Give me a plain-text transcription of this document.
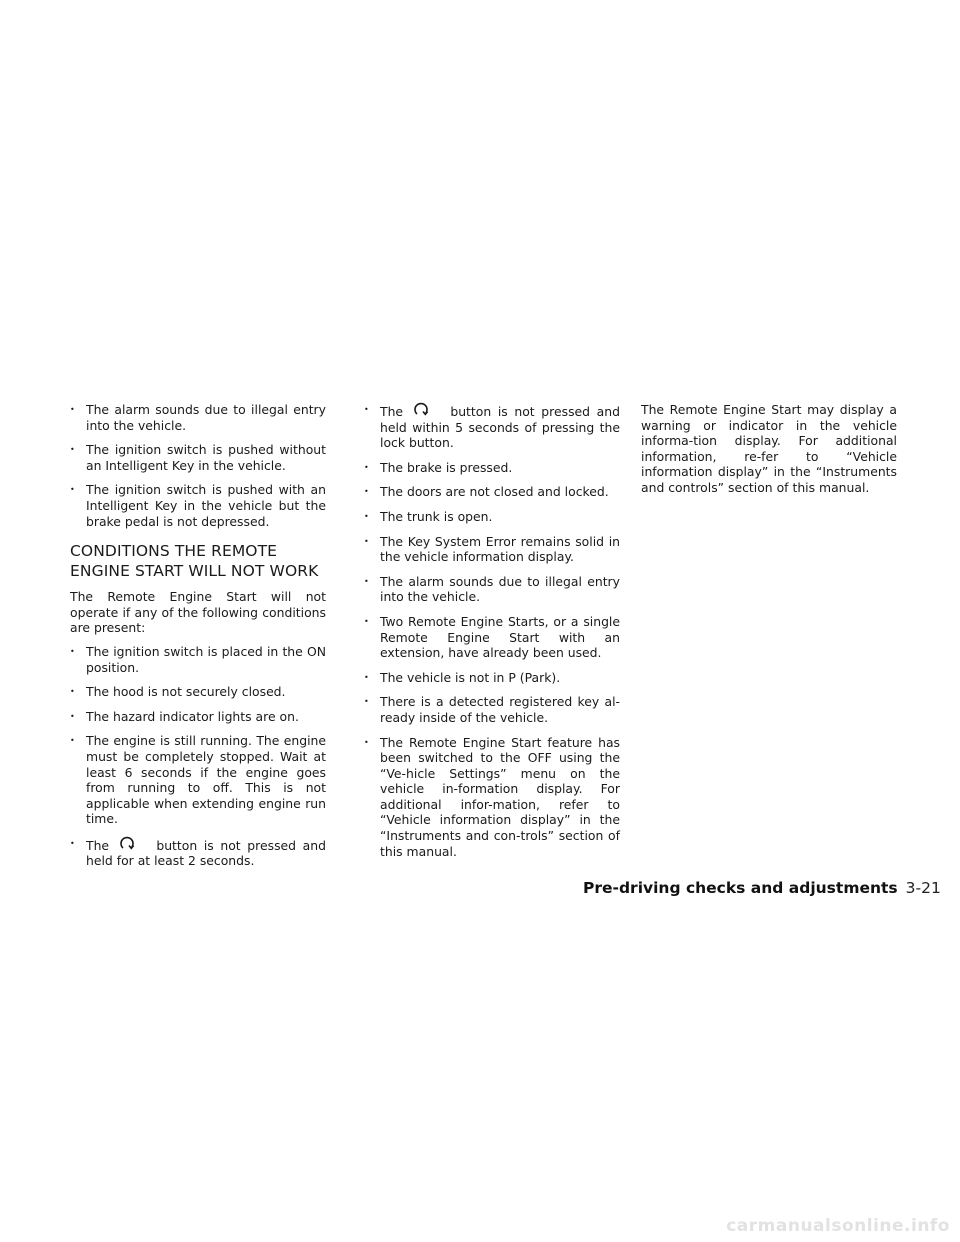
• The alarm sounds due to illegal entry into the vehicle.
• The ignition switch is pushed without an Intelligent Key in the vehicle.
• The ignition switch is pushed with an Intelligent Key in the vehicle but the brake pedal is not depressed.
CONDITIONS THE REMOTE ENGINE START WILL NOT WORK

The Remote Engine Start will not operate if any of the following conditions are present:

• The ignition switch is placed in the ON position.
• The hood is not securely closed.
• The hazard indicator lights are on.
• The engine is still running. The engine must be completely stopped. Wait at least 6 seconds if the engine goes from running to off. This is not applicable when extending engine run time.
• The	button is not pressed and held for at least 2 seconds.
• The	button is not pressed and held within 5 seconds of pressing the lock button.
• The brake is pressed.
• The doors are not closed and locked.
• The trunk is open.
• The Key System Error remains solid in the vehicle information display.
• The alarm sounds due to illegal entry into the vehicle.
• Two Remote Engine Starts, or a single Remote Engine Start with an extension, have already been used.
• The vehicle is not in P (Park).
• There is a detected registered key al-ready inside of the vehicle.
• The Remote Engine Start feature has been switched to the OFF using the “Ve-hicle Settings” menu on the vehicle in-formation display. For additional infor-mation, refer to “Vehicle information display” in the “Instruments and con-trols” section of this manual.

The Remote Engine Start may display a warning or indicator in the vehicle informa-tion display. For additional information, re-fer to “Vehicle information display” in the “Instruments and controls” section of this manual.

Pre-driving checks and adjustments 3-21
carmanualsonline.info
